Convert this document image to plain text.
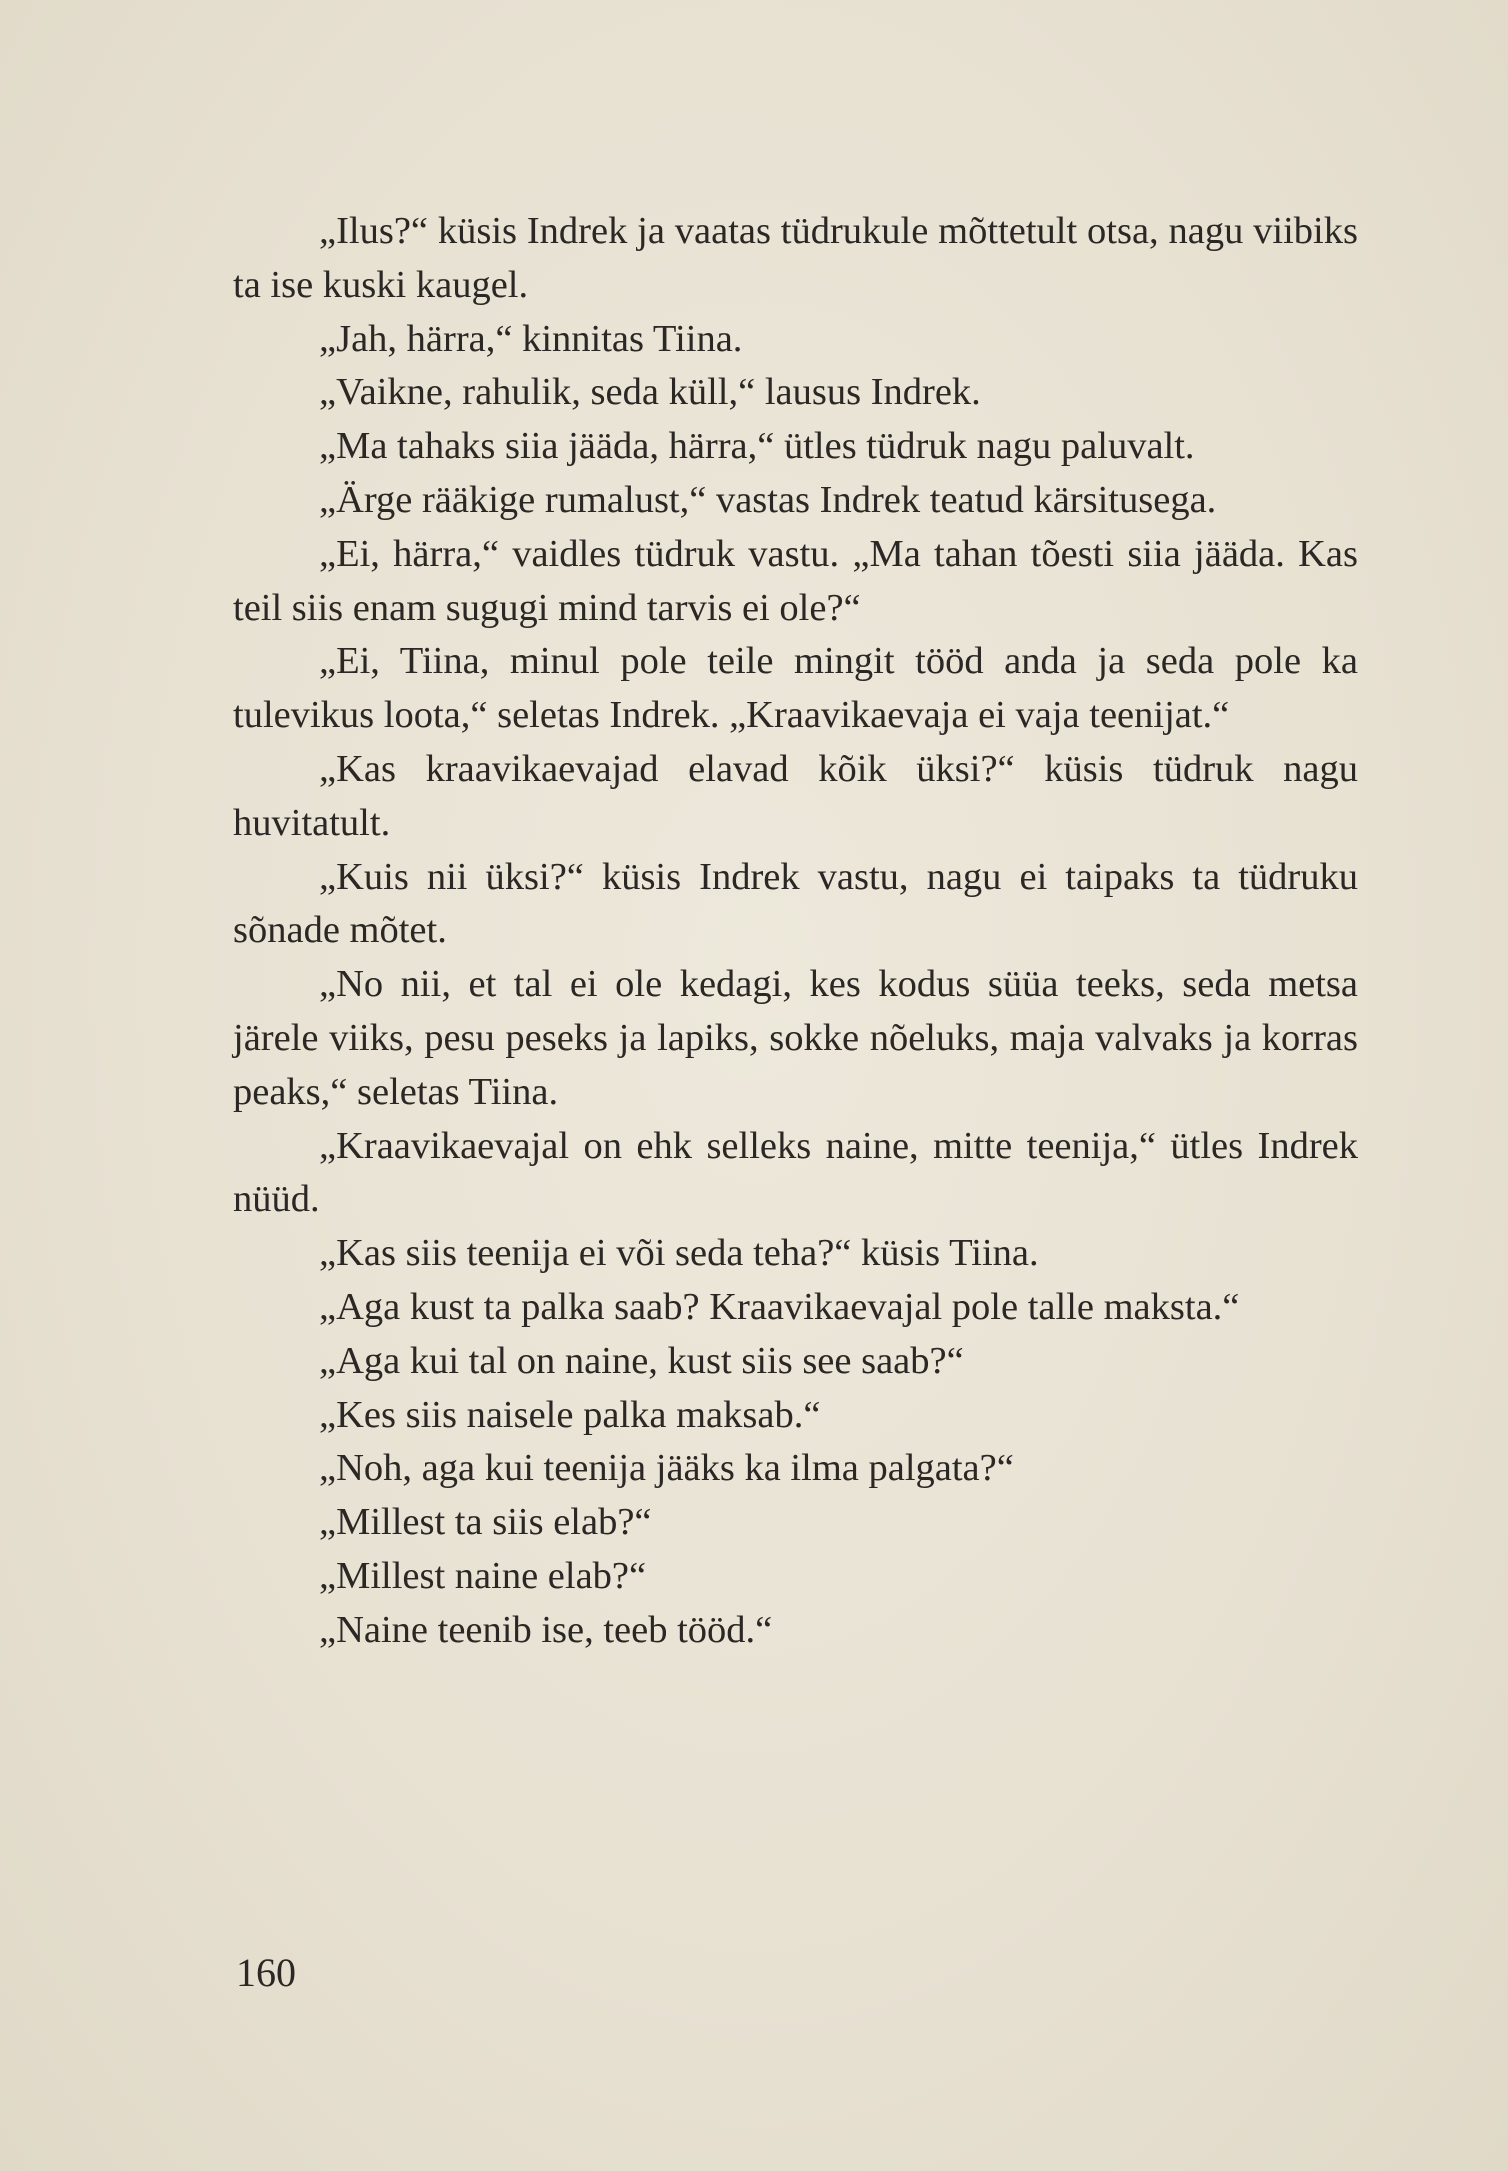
„Ilus?“ küsis Indrek ja vaatas tüdrukule mõttetult otsa, nagu viibiks ta ise kuski kaugel.

„Jah, härra,“ kinnitas Tiina.

„Vaikne, rahulik, seda küll,“ lausus Indrek.

„Ma tahaks siia jääda, härra,“ ütles tüdruk nagu paluvalt.

„Ärge rääkige rumalust,“ vastas Indrek teatud kärsitusega.

„Ei, härra,“ vaidles tüdruk vastu. „Ma tahan tõesti siia jääda. Kas teil siis enam sugugi mind tarvis ei ole?“

„Ei, Tiina, minul pole teile mingit tööd anda ja seda pole ka tulevikus loota,“ seletas Indrek. „Kraavikaevaja ei vaja teenijat.“

„Kas kraavikaevajad elavad kõik üksi?“ küsis tüdruk nagu huvitatult.

„Kuis nii üksi?“ küsis Indrek vastu, nagu ei taipaks ta tüdruku sõnade mõtet.

„No nii, et tal ei ole kedagi, kes kodus süüa teeks, seda metsa järele viiks, pesu peseks ja lapiks, sokke nõeluks, maja valvaks ja korras peaks,“ seletas Tiina.

„Kraavikaevajal on ehk selleks naine, mitte teenija,“ ütles Indrek nüüd.

„Kas siis teenija ei või seda teha?“ küsis Tiina.

„Aga kust ta palka saab? Kraavikaevajal pole talle maksta.“

„Aga kui tal on naine, kust siis see saab?“

„Kes siis naisele palka maksab.“

„Noh, aga kui teenija jääks ka ilma palgata?“

„Millest ta siis elab?“

„Millest naine elab?“

„Naine teenib ise, teeb tööd.“

160
